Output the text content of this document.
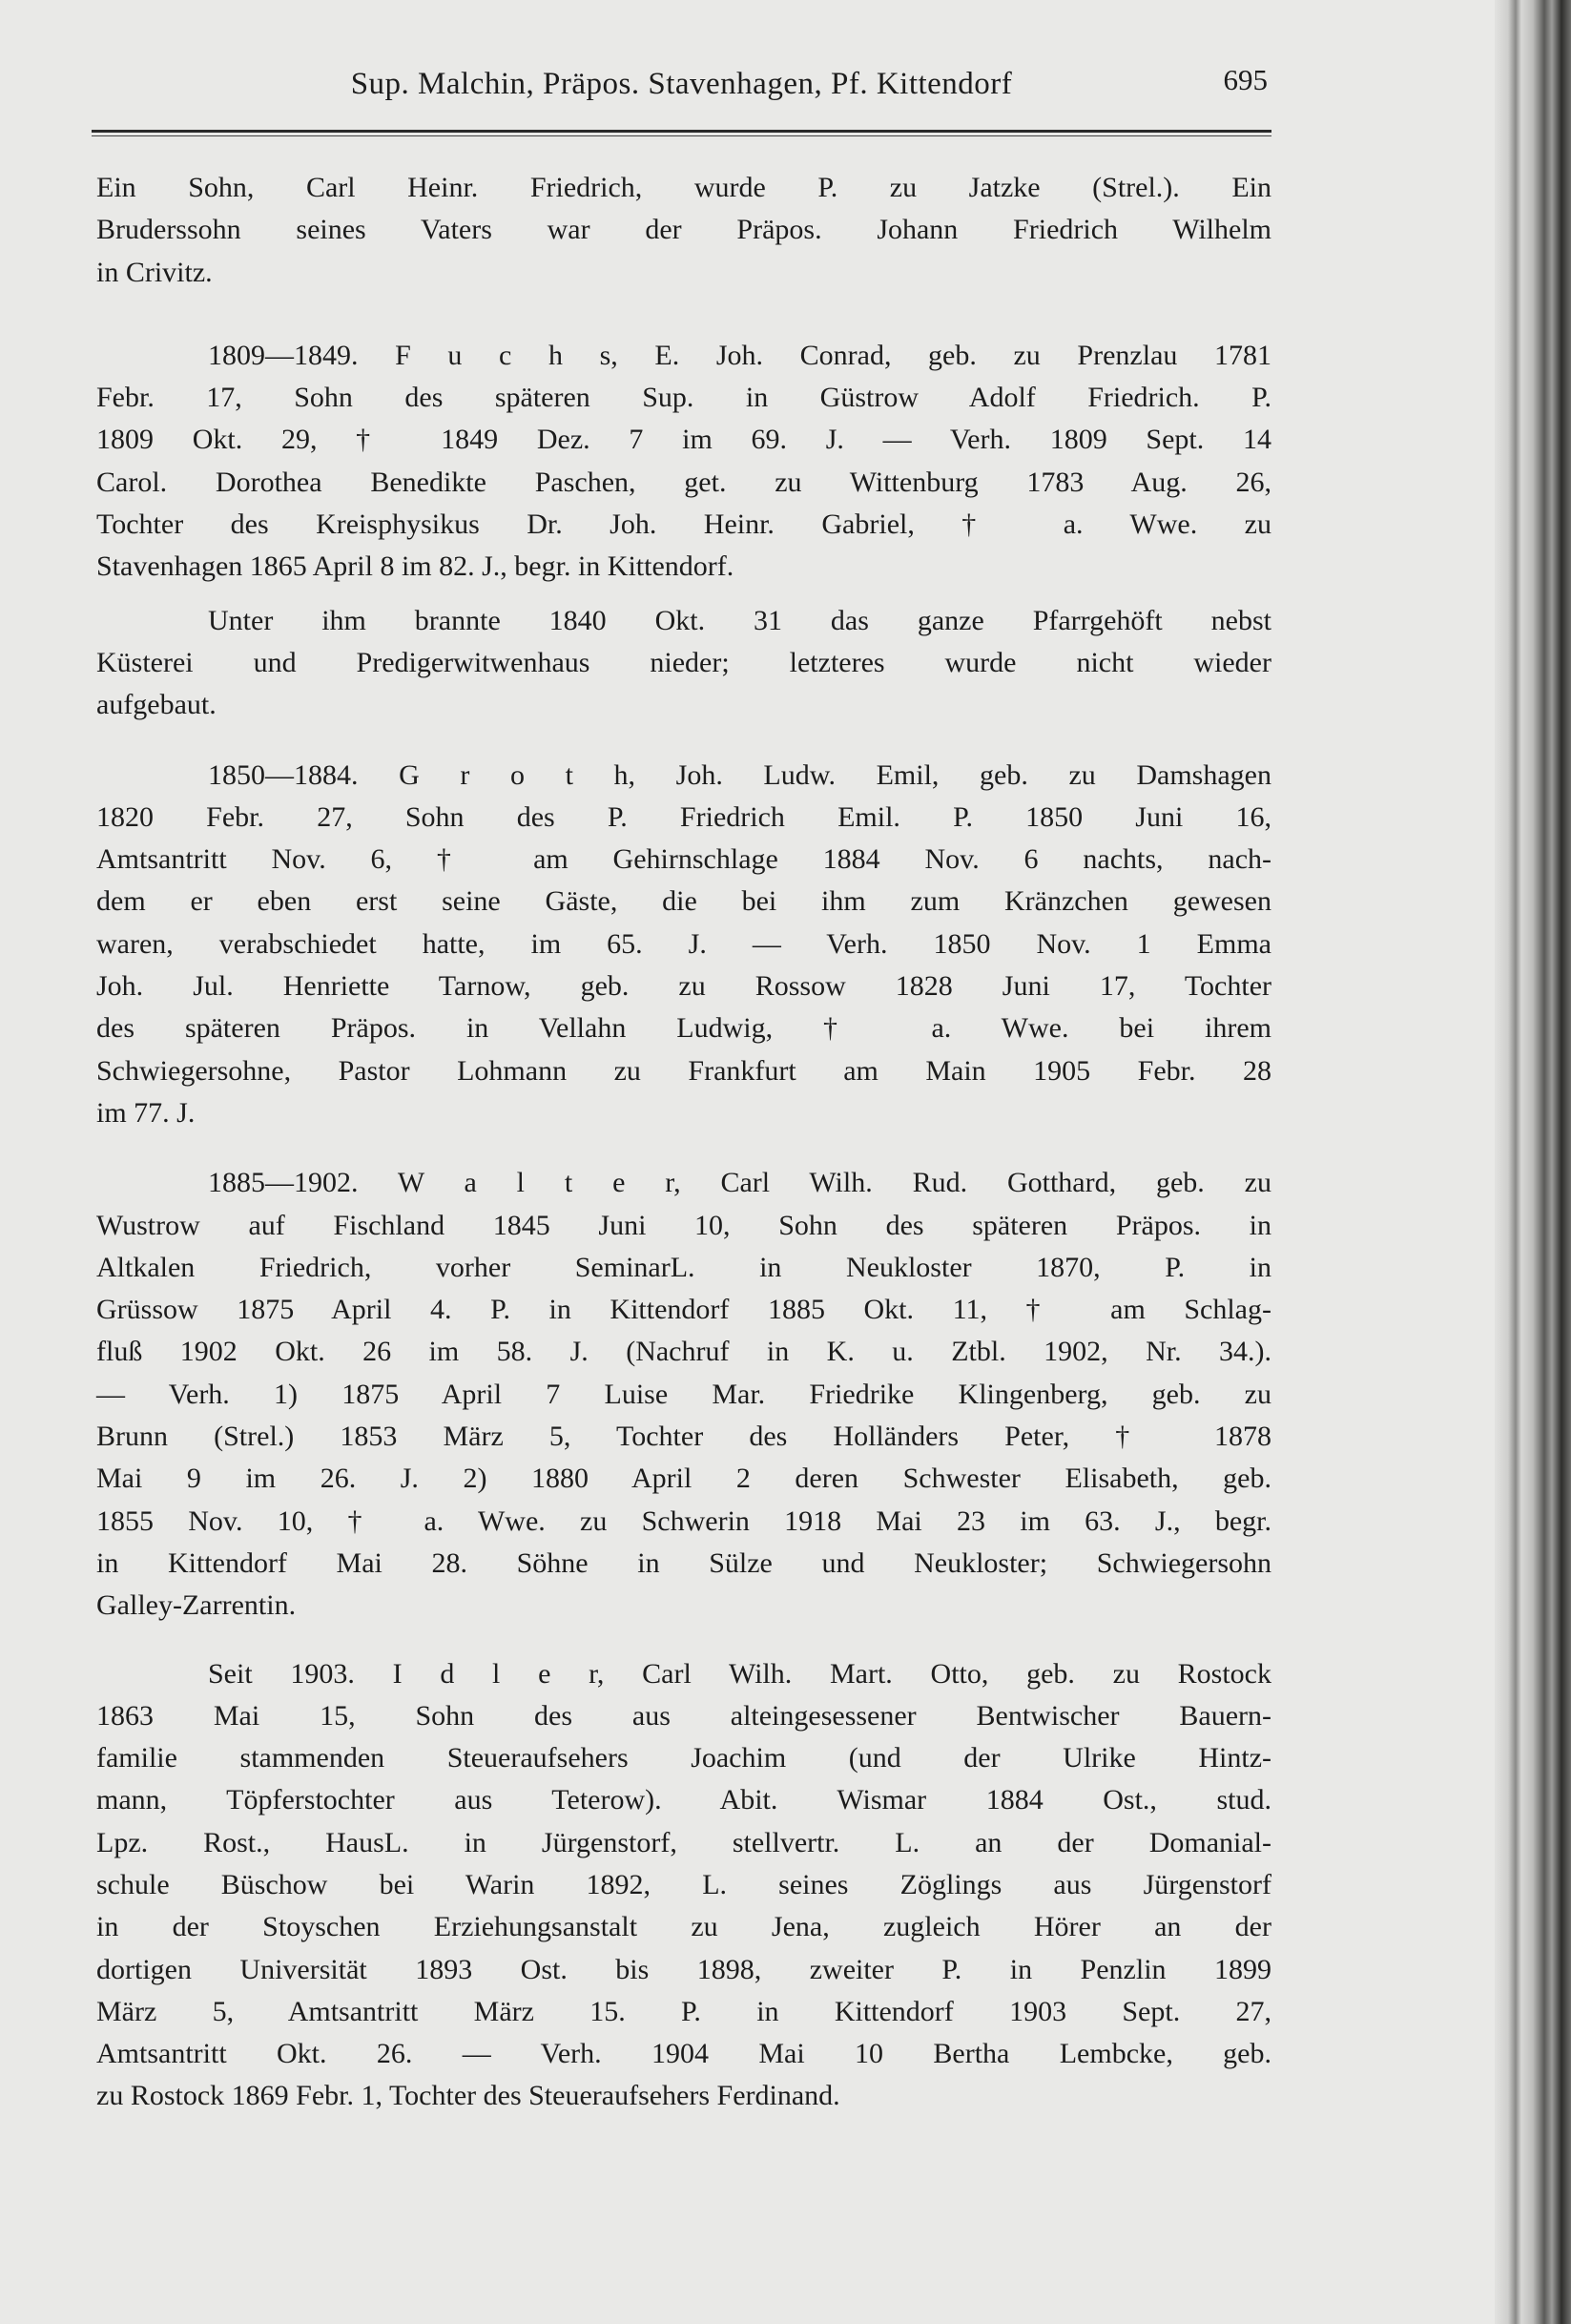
Sup. Malchin, Präpos. Stavenhagen, Pf. Kittendorf	695
Ein Sohn, Carl Heinr. Friedrich, wurde P. zu Jatzke (Strel.). Ein
Bruderssohn seines Vaters war der Präpos. Johann Friedrich Wilhelm
in Crivitz.
1809—1849. F u c h s, E. Joh. Conrad, geb. zu Prenzlau 1781
Febr. 17, Sohn des späteren Sup. in Güstrow Adolf Friedrich. P.
1809 Okt. 29, † 1849 Dez. 7 im 69. J. — Verh. 1809 Sept. 14
Carol. Dorothea Benedikte Paschen, get. zu Wittenburg 1783 Aug. 26,
Tochter des Kreisphysikus Dr. Joh. Heinr. Gabriel, † a. Wwe. zu
Stavenhagen 1865 April 8 im 82. J., begr. in Kittendorf.
Unter ihm brannte 1840 Okt. 31 das ganze Pfarrgehöft nebst
Küsterei und Predigerwitwenhaus nieder; letzteres wurde nicht wieder
aufgebaut.
1850—1884. G r o t h, Joh. Ludw. Emil, geb. zu Damshagen
1820 Febr. 27, Sohn des P. Friedrich Emil. P. 1850 Juni 16,
Amtsantritt Nov. 6, † am Gehirnschlage 1884 Nov. 6 nachts, nach-
dem er eben erst seine Gäste, die bei ihm zum Kränzchen gewesen
waren, verabschiedet hatte, im 65. J. — Verh. 1850 Nov. 1 Emma
Joh. Jul. Henriette Tarnow, geb. zu Rossow 1828 Juni 17, Tochter
des späteren Präpos. in Vellahn Ludwig, † a. Wwe. bei ihrem
Schwiegersohne, Pastor Lohmann zu Frankfurt am Main 1905 Febr. 28
im 77. J.
1885—1902. W a l t e r, Carl Wilh. Rud. Gotthard, geb. zu
Wustrow auf Fischland 1845 Juni 10, Sohn des späteren Präpos. in
Altkalen Friedrich, vorher SeminarL. in Neukloster 1870, P. in
Grüssow 1875 April 4. P. in Kittendorf 1885 Okt. 11, † am Schlag-
fluß 1902 Okt. 26 im 58. J. (Nachruf in K. u. Ztbl. 1902, Nr. 34.).
— Verh. 1) 1875 April 7 Luise Mar. Friedrike Klingenberg, geb. zu
Brunn (Strel.) 1853 März 5, Tochter des Holländers Peter, † 1878
Mai 9 im 26. J. 2) 1880 April 2 deren Schwester Elisabeth, geb.
1855 Nov. 10, † a. Wwe. zu Schwerin 1918 Mai 23 im 63. J., begr.
in Kittendorf Mai 28. Söhne in Sülze und Neukloster; Schwiegersohn
Galley-Zarrentin.
Seit 1903. I d l e r, Carl Wilh. Mart. Otto, geb. zu Rostock
1863 Mai 15, Sohn des aus alteingesessener Bentwischer Bauern-
familie stammenden Steueraufsehers Joachim (und der Ulrike Hintz-
mann, Töpferstochter aus Teterow). Abit. Wismar 1884 Ost., stud.
Lpz. Rost., HausL. in Jürgenstorf, stellvertr. L. an der Domanial-
schule Büschow bei Warin 1892, L. seines Zöglings aus Jürgenstorf
in der Stoyschen Erziehungsanstalt zu Jena, zugleich Hörer an der
dortigen Universität 1893 Ost. bis 1898, zweiter P. in Penzlin 1899
März 5, Amtsantritt März 15. P. in Kittendorf 1903 Sept. 27,
Amtsantritt Okt. 26. — Verh. 1904 Mai 10 Bertha Lembcke, geb.
zu Rostock 1869 Febr. 1, Tochter des Steueraufsehers Ferdinand.
